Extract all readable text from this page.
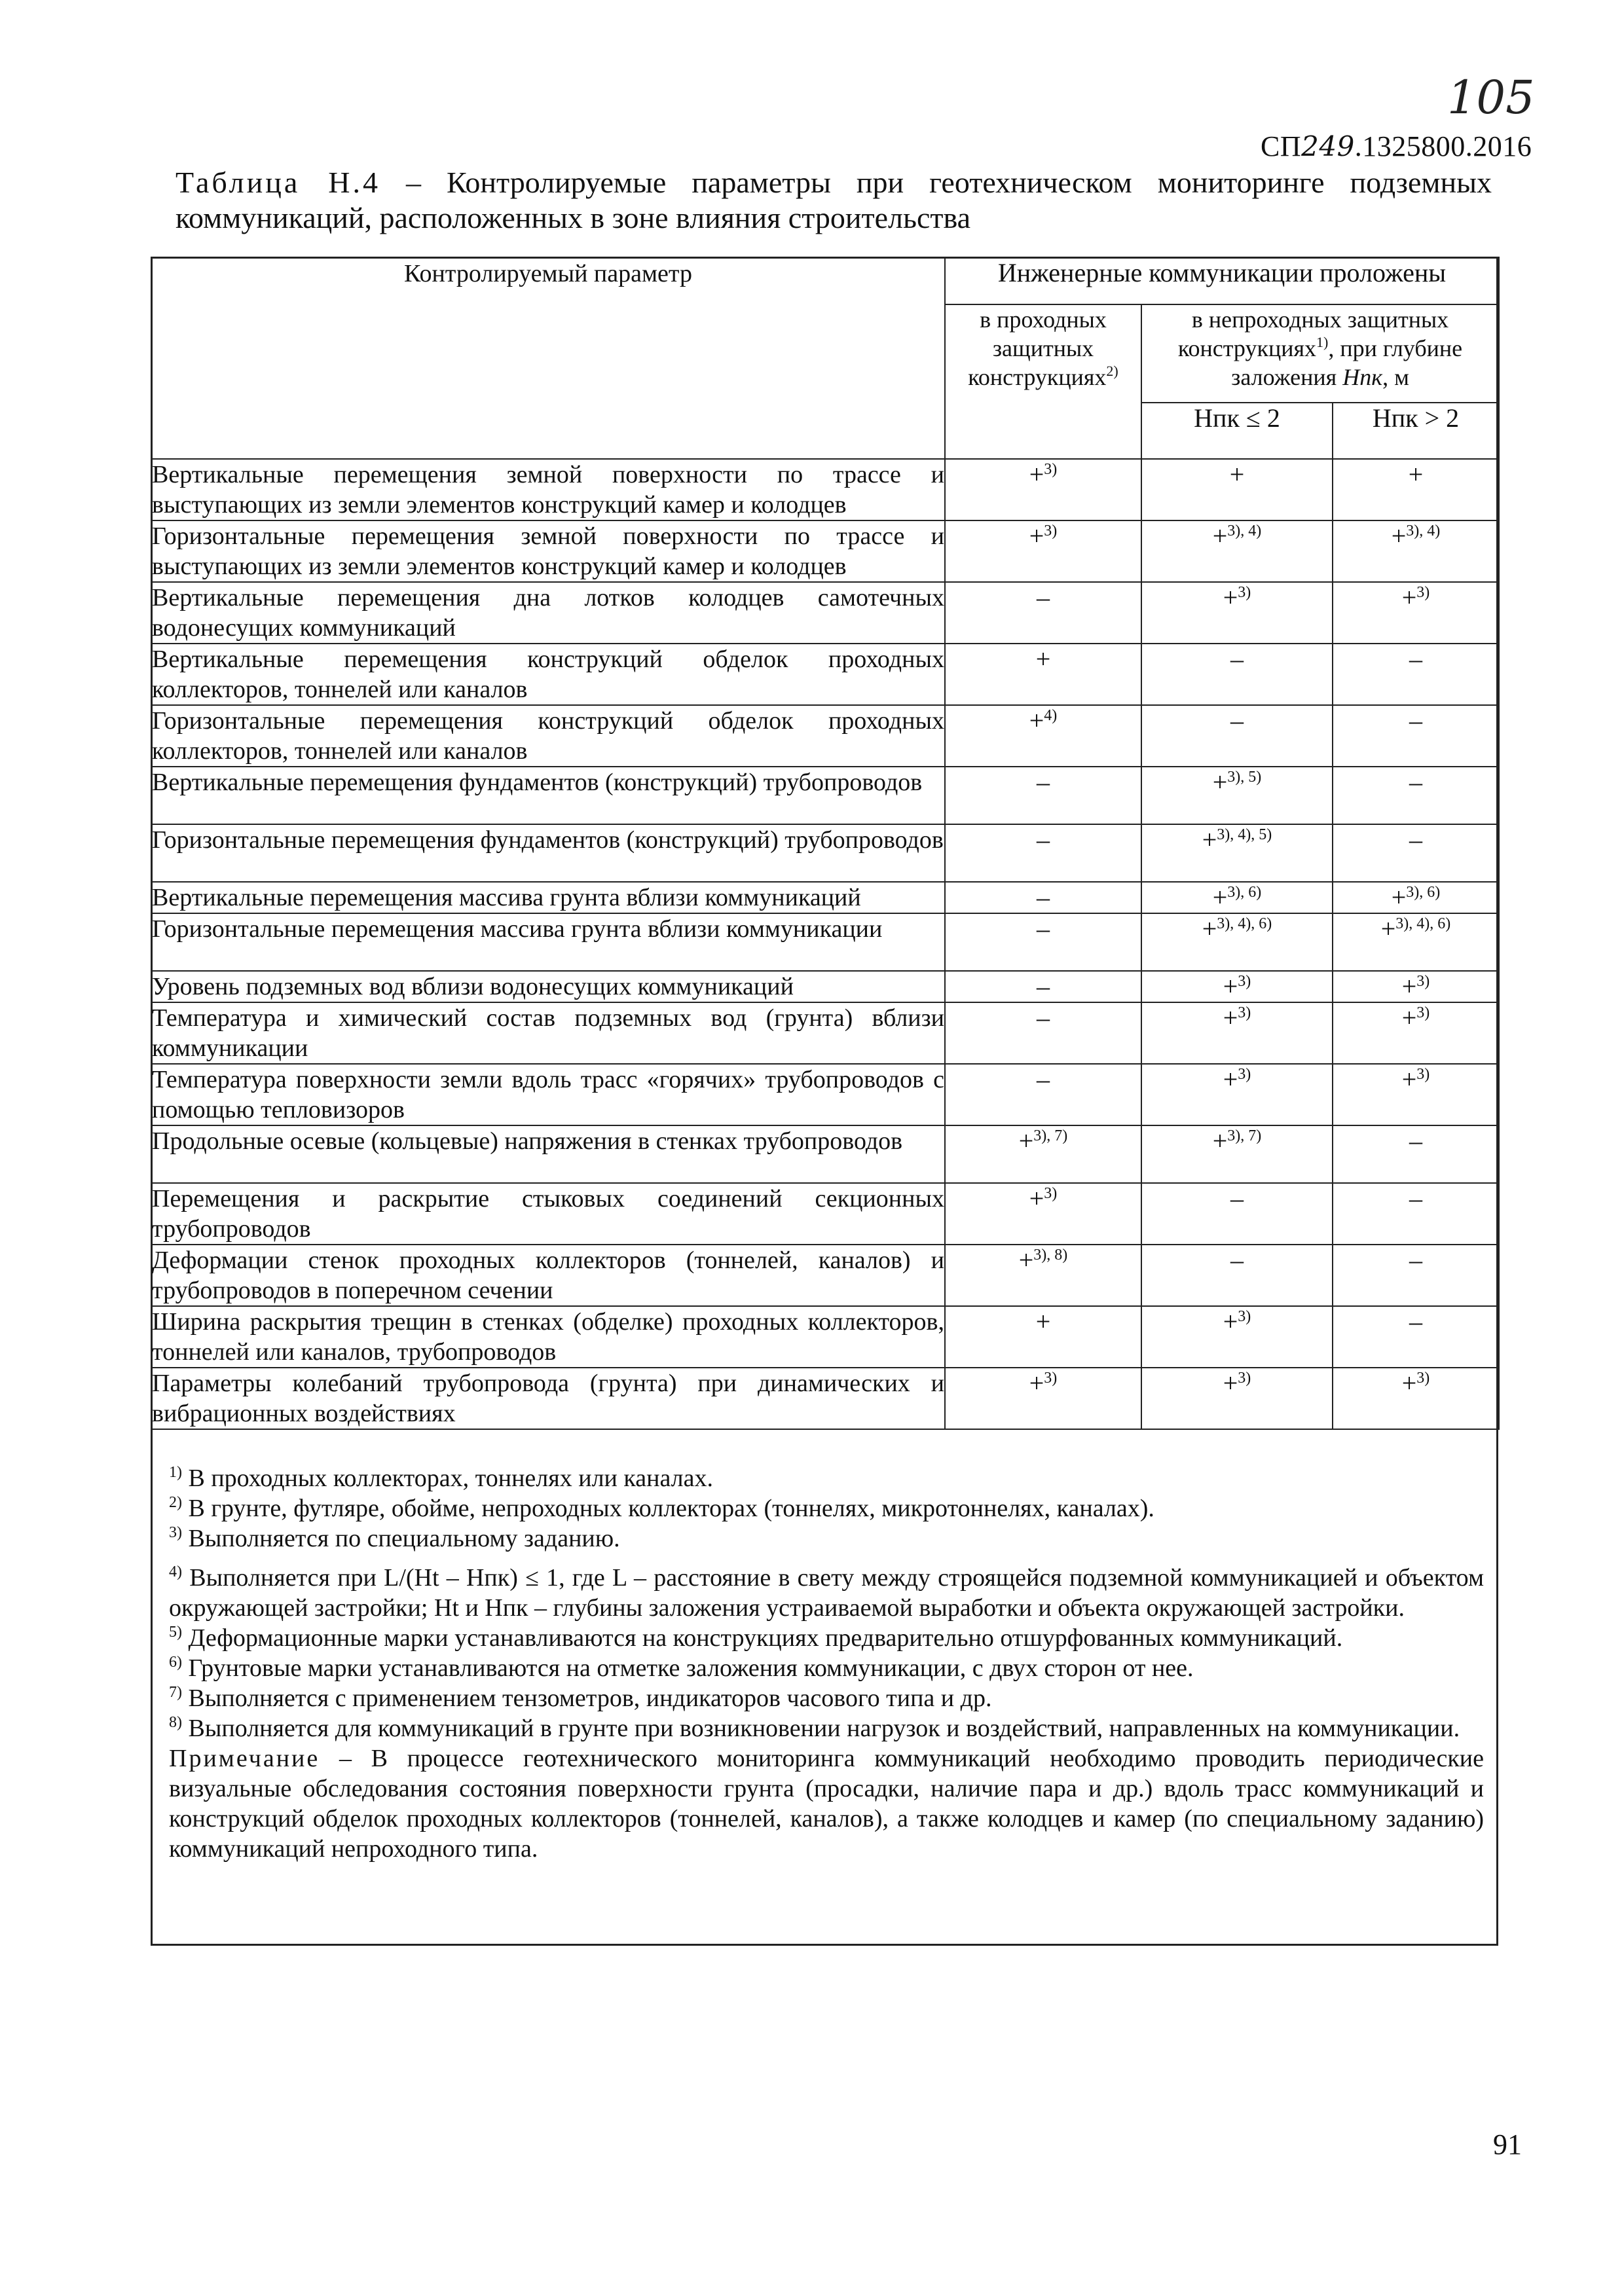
105
СП249.1325800.2016
Таблица Н.4 – Контролируемые параметры при геотехническом мониторинге подземных коммуникаций, расположенных в зоне влияния строительства
Контролируемый параметр	Инженерные коммуникации проложены		
	в проходных защитных конструкциях$^{2)}$	в непроходных защитных конструкциях$^{1)}$, при глубине заложения Hпк, м	
		Hпк ≤ 2	Hпк > 2
Вертикальные перемещения земной поверхности по трассе и выступающих из земли элементов конструкций камер и колодцев	+$^{3)}$	+	+
Горизонтальные перемещения земной поверхности по трассе и выступающих из земли элементов конструкций камер и колодцев	+$^{3)}$	+$^{3), 4)}$	+$^{3), 4)}$
Вертикальные перемещения дна лотков колодцев самотечных водонесущих коммуникаций	–	+$^{3)}$	+$^{3)}$
Вертикальные перемещения конструкций обделок проходных коллекторов, тоннелей или каналов	+	–	–
Горизонтальные перемещения конструкций обделок проходных коллекторов, тоннелей или каналов	+$^{4)}$	–	–
Вертикальные перемещения фундаментов (конструкций) трубопроводов	–	+$^{3), 5)}$	–
Горизонтальные перемещения фундаментов (конструкций) трубопроводов	–	+$^{3), 4), 5)}$	–
Вертикальные перемещения массива грунта вблизи коммуникаций	–	+$^{3), 6)}$	+$^{3), 6)}$
Горизонтальные перемещения массива грунта вблизи коммуникации	–	+$^{3), 4), 6)}$	+$^{3), 4), 6)}$
Уровень подземных вод вблизи водонесущих коммуникаций	–	+$^{3)}$	+$^{3)}$
Температура и химический состав подземных вод (грунта) вблизи коммуникации	–	+$^{3)}$	+$^{3)}$
Температура поверхности земли вдоль трасс «горячих» трубопроводов с помощью тепловизоров	–	+$^{3)}$	+$^{3)}$
Продольные осевые (кольцевые) напряжения в стенках трубопроводов	+$^{3), 7)}$	+$^{3), 7)}$	–
Перемещения и раскрытие стыковых соединений секционных трубопроводов	+$^{3)}$	–	–
Деформации стенок проходных коллекторов (тоннелей, каналов) и трубопроводов в поперечном сечении	+$^{3), 8)}$	–	–
Ширина раскрытия трещин в стенках (обделке) проходных коллекторов, тоннелей или каналов, трубопроводов	+	+$^{3)}$	–
Параметры колебаний трубопровода (грунта) при динамических и вибрационных воздействиях	+$^{3)}$	+$^{3)}$	+$^{3)}$

$^{1)}$ В проходных коллекторах, тоннелях или каналах.

$^{2)}$ В грунте, футляре, обойме, непроходных коллекторах (тоннелях, микротоннелях, каналах).

$^{3)}$ Выполняется по специальному заданию.

$^{4)}$ Выполняется при L/(Ht – Hпк) ≤ 1, где L – расстояние в свету между строящейся подземной коммуникацией и объектом окружающей застройки; Ht и Hпк – глубины заложения устраиваемой выработки и объекта окружающей застройки.

$^{5)}$ Деформационные марки устанавливаются на конструкциях предварительно отшурфованных коммуникаций.

$^{6)}$ Грунтовые марки устанавливаются на отметке заложения коммуникации, с двух сторон от нее.

$^{7)}$ Выполняется с применением тензометров, индикаторов часового типа и др.

$^{8)}$ Выполняется для коммуникаций в грунте при возникновении нагрузок и воздействий, направленных на коммуникации.

Примечание – В процессе геотехнического мониторинга коммуникаций необходимо проводить периодические визуальные обследования состояния поверхности грунта (просадки, наличие пара и др.) вдоль трасс коммуникаций и конструкций обделок проходных коллекторов (тоннелей, каналов), а также колодцев и камер (по специальному заданию) коммуникаций непроходного типа.

91
